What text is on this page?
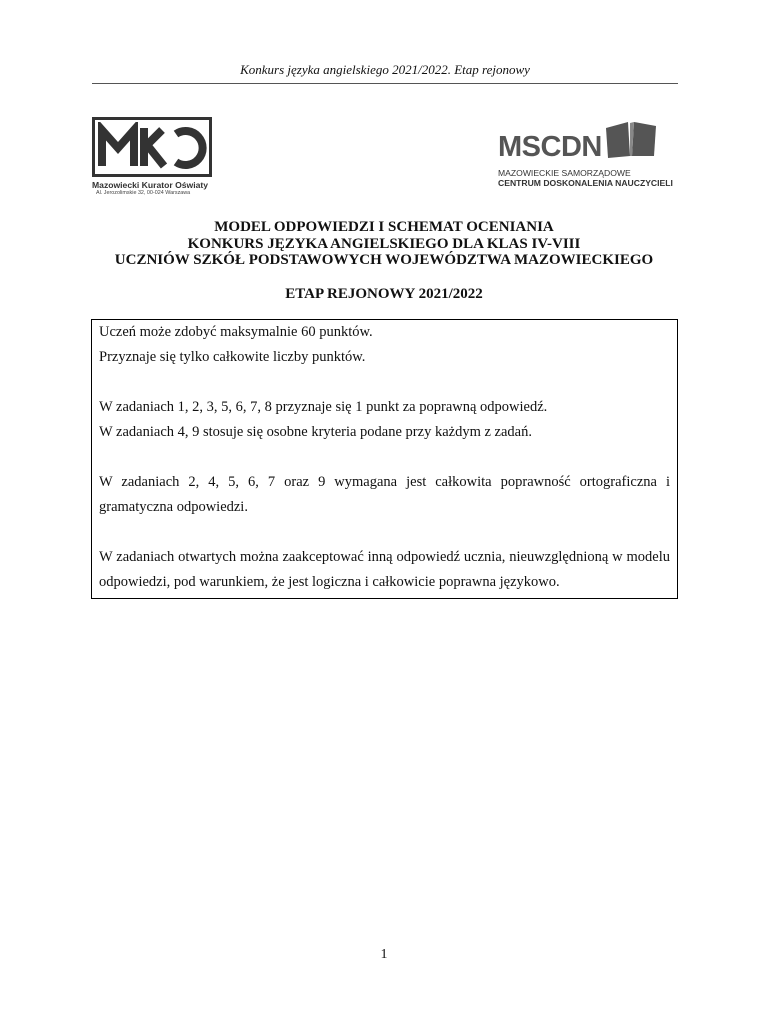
Konkurs języka angielskiego 2021/2022. Etap rejonowy
Mazowiecki Kurator Oświaty
Al. Jerozolimskie 32, 00-024 Warszawa
MSCDN
MAZOWIECKIE SAMORZĄDOWE
CENTRUM DOSKONALENIA NAUCZYCIELI
MODEL ODPOWIEDZI I SCHEMAT OCENIANIA
KONKURS JĘZYKA ANGIELSKIEGO DLA KLAS IV-VIII
UCZNIÓW SZKÓŁ PODSTAWOWYCH WOJEWÓDZTWA MAZOWIECKIEGO
ETAP REJONOWY 2021/2022

Uczeń może zdobyć maksymalnie 60 punktów.

Przyznaje się tylko całkowite liczby punktów.

W zadaniach 1, 2, 3, 5, 6, 7, 8 przyznaje się 1 punkt za poprawną odpowiedź.

W zadaniach 4, 9 stosuje się osobne kryteria podane przy każdym z zadań.

W zadaniach 2, 4, 5, 6, 7 oraz 9 wymagana jest całkowita poprawność ortograficzna i gramatyczna odpowiedzi.

W zadaniach otwartych można zaakceptować inną odpowiedź ucznia, nieuwzględnioną w modelu odpowiedzi, pod warunkiem, że jest logiczna i całkowicie poprawna językowo.

1
